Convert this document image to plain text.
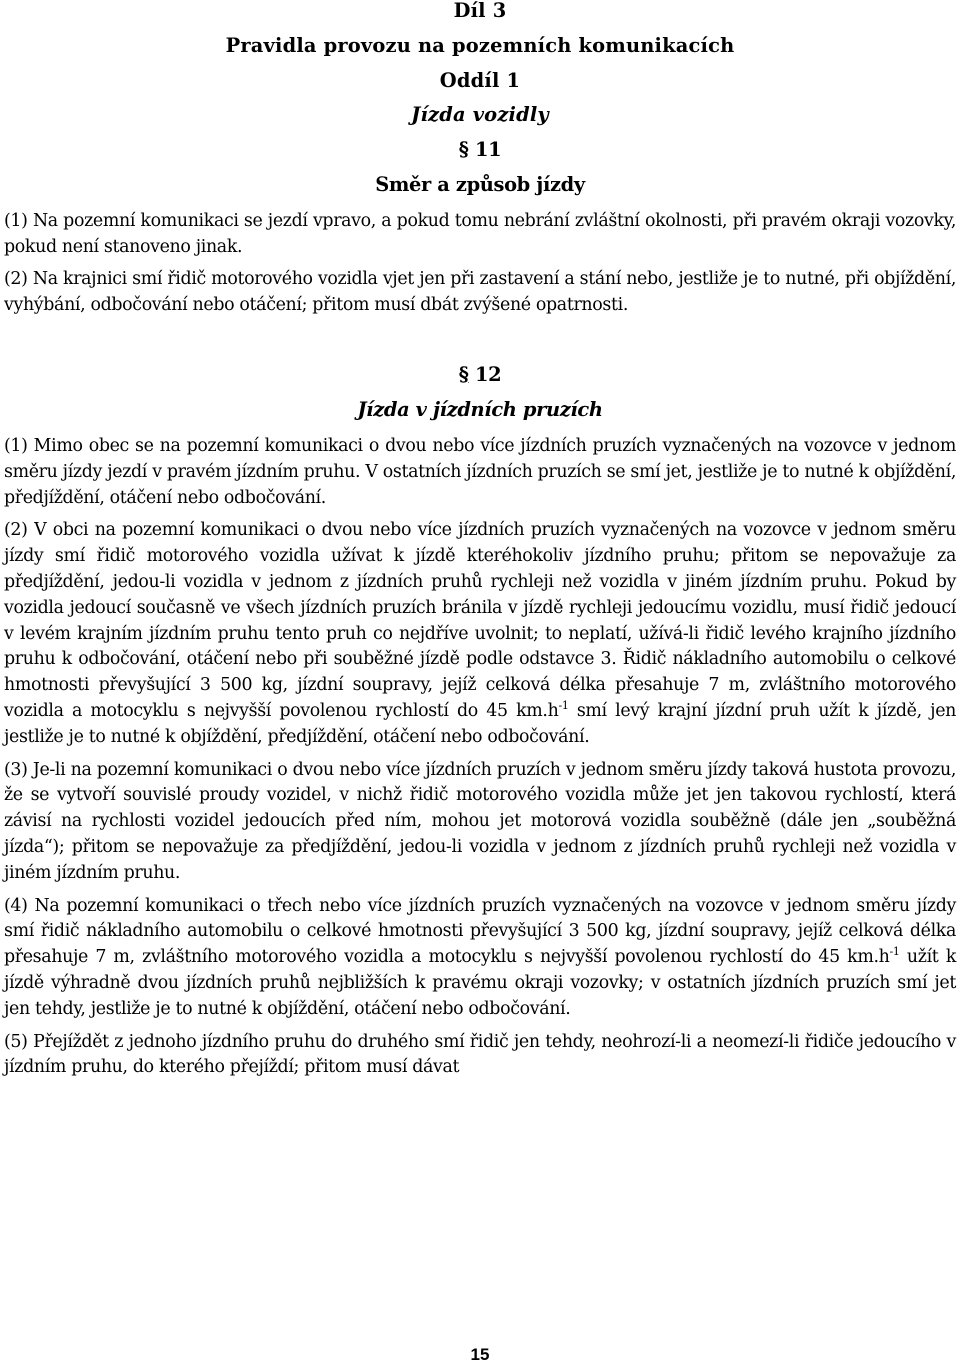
Díl 3
Pravidla provozu na pozemních komunikacích
Oddíl 1
Jízda vozidly
§ 11
Směr a způsob jízdy

(1) Na pozemní komunikaci se jezdí vpravo, a pokud tomu nebrání zvláštní okolnosti, při pravém okraji vozovky, pokud není stanoveno jinak.

(2) Na krajnici smí řidič motorového vozidla vjet jen při zastavení a stání nebo, jestliže je to nutné, při objíždění, vyhýbání, odbočování nebo otáčení; přitom musí dbát zvýšené opatrnosti.

§ 12
Jízda v jízdních pruzích

(1) Mimo obec se na pozemní komunikaci o dvou nebo více jízdních pruzích vyznačených na vozovce v jednom směru jízdy jezdí v pravém jízdním pruhu. V ostatních jízdních pruzích se smí jet, jestliže je to nutné k objíždění, předjíždění, otáčení nebo odbočování.

(2) V obci na pozemní komunikaci o dvou nebo více jízdních pruzích vyznačených na vozovce v jednom směru jízdy smí řidič motorového vozidla užívat k jízdě kteréhokoliv jízdního pruhu; přitom se nepovažuje za předjíždění, jedou-li vozidla v jednom z jízdních pruhů rychleji než vozidla v jiném jízdním pruhu. Pokud by vozidla jedoucí současně ve všech jízdních pruzích bránila v jízdě rychleji jedoucímu vozidlu, musí řidič jedoucí v levém krajním jízdním pruhu tento pruh co nejdříve uvolnit; to neplatí, užívá-li řidič levého krajního jízdního pruhu k odbočování, otáčení nebo při souběžné jízdě podle odstavce 3. Řidič nákladního automobilu o celkové hmotnosti převyšující 3 500 kg, jízdní soupravy, jejíž celková délka přesahuje 7 m, zvláštního motorového vozidla a motocyklu s nejvyšší povolenou rychlostí do 45 $km.h^{-1}$ smí levý krajní jízdní pruh užít k jízdě, jen jestliže je to nutné k objíždění, předjíždění, otáčení nebo odbočování.

(3) Je-li na pozemní komunikaci o dvou nebo více jízdních pruzích v jednom směru jízdy taková hustota provozu, že se vytvoří souvislé proudy vozidel, v nichž řidič motorového vozidla může jet jen takovou rychlostí, která závisí na rychlosti vozidel jedoucích před ním, mohou jet motorová vozidla souběžně (dále jen „souběžná jízda“); přitom se nepovažuje za předjíždění, jedou-li vozidla v jednom z jízdních pruhů rychleji než vozidla v jiném jízdním pruhu.

(4) Na pozemní komunikaci o třech nebo více jízdních pruzích vyznačených na vozovce v jednom směru jízdy smí řidič nákladního automobilu o celkové hmotnosti převyšující 3 500 kg, jízdní soupravy, jejíž celková délka přesahuje 7 m, zvláštního motorového vozidla a motocyklu s nejvyšší povolenou rychlostí do 45 $km.h^{-1}$ užít k jízdě výhradně dvou jízdních pruhů nejbližších k pravému okraji vozovky; v ostatních jízdních pruzích smí jet jen tehdy, jestliže je to nutné k objíždění, otáčení nebo odbočování.

(5) Přejíždět z jednoho jízdního pruhu do druhého smí řidič jen tehdy, neohrozí-li a neomezí-li řidiče jedoucího v jízdním pruhu, do kterého přejíždí; přitom musí dávat

15
